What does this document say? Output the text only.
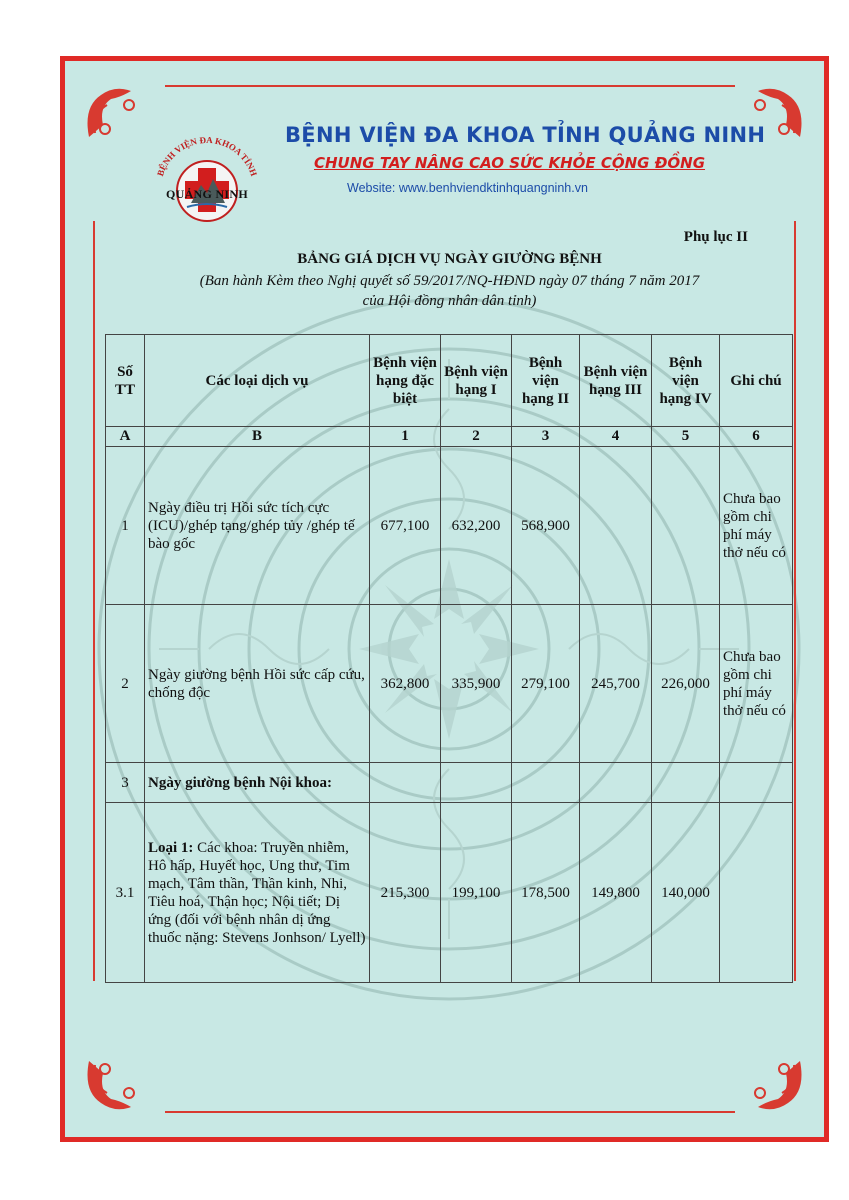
BỆNH VIỆN ĐA KHOA TỈNH
QUẢNG NINH
BỆNH VIỆN ĐA KHOA TỈNH QUẢNG NINH
CHUNG TAY NÂNG CAO SỨC KHỎE CỘNG ĐỒNG
Website: www.benhviendktinhquangninh.vn
Phụ lục II
BẢNG GIÁ DỊCH VỤ NGÀY GIƯỜNG BỆNH
(Ban hành Kèm theo Nghị quyết số 59/2017/NQ-HĐND ngày 07 tháng 7 năm 2017
của Hội đồng nhân dân tỉnh)
Số TT	Các loại dịch vụ	Bệnh viện hạng đặc biệt	Bệnh viện hạng I	Bệnh viện hạng II	Bệnh viện hạng III	Bệnh viện hạng IV	Ghi chú
A	B	1	2	3	4	5	6
1	Ngày điều trị Hồi sức tích cực (ICU)/ghép tạng/ghép tủy /ghép tế bào gốc	677,100	632,200	568,900			Chưa bao gồm chi phí máy thở nếu có
2	Ngày giường bệnh Hồi sức cấp cứu, chống độc	362,800	335,900	279,100	245,700	226,000	Chưa bao gồm chi phí máy thở nếu có
3	Ngày giường bệnh Nội khoa:						
3.1	Loại 1: Các khoa: Truyền nhiễm, Hô hấp, Huyết học, Ung thư, Tim mạch, Tâm thần, Thần kinh, Nhi, Tiêu hoá, Thận học; Nội tiết; Dị ứng (đối với bệnh nhân dị ứng thuốc nặng: Stevens Jonhson/ Lyell)	215,300	199,100	178,500	149,800	140,000	
